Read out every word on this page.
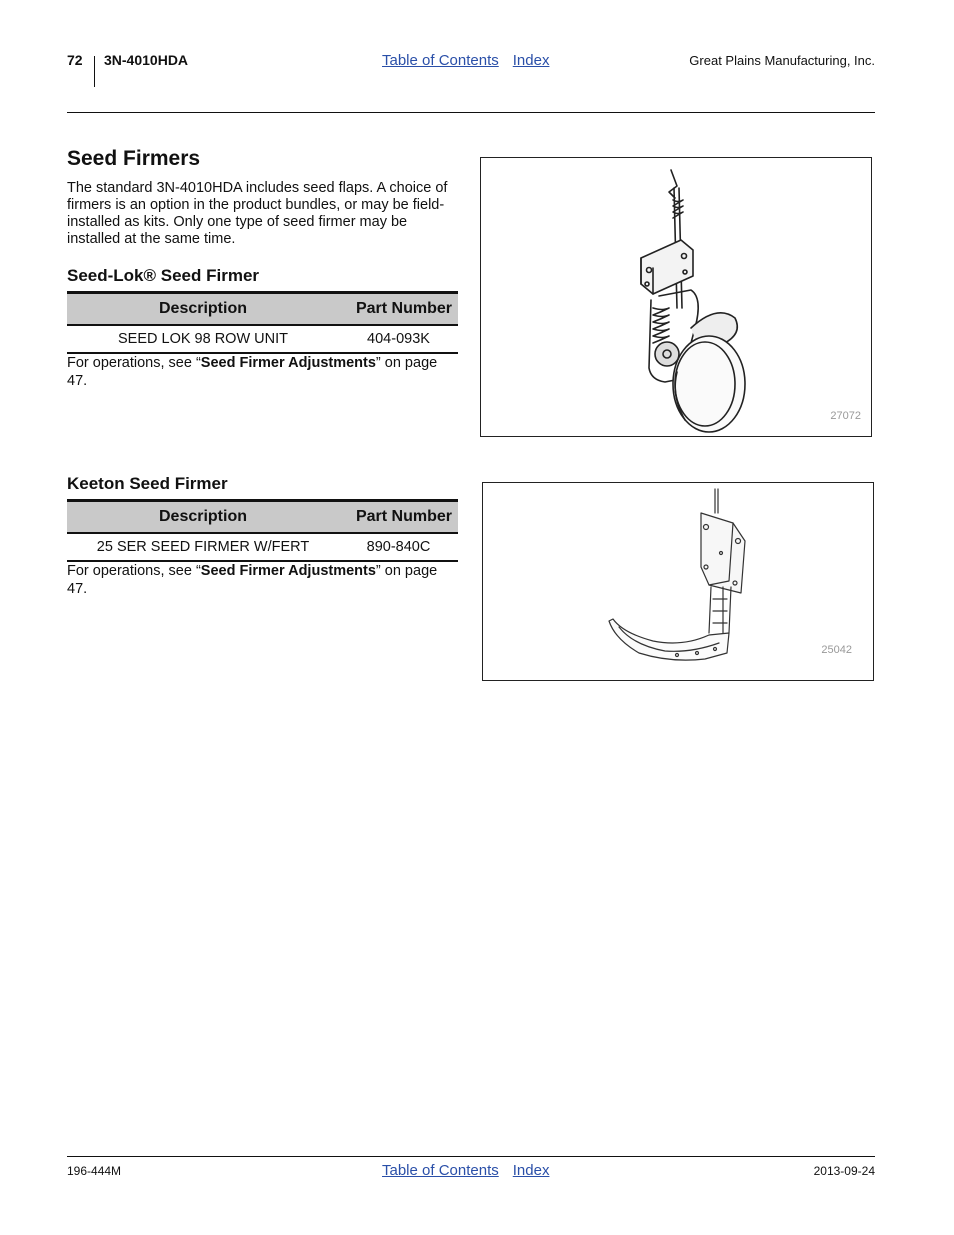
72 3N-4010HDA	Table of Contents Index	Great Plains Manufacturing, Inc.
Seed Firmers

The standard 3N-4010HDA includes seed flaps. A choice of firmers is an option in the product bundles, or may be field-installed as kits. Only one type of seed firmer may be installed at the same time.

Seed-Lok® Seed Firmer
Description	Part Number
SEED LOK 98 ROW UNIT	404-093K

For operations, see “Seed Firmer Adjustments” on page 47.

27072
Keeton Seed Firmer
Description	Part Number
25 SER SEED FIRMER W/FERT	890-840C

For operations, see “Seed Firmer Adjustments” on page 47.

25042
196-444M	Table of Contents Index	2013-09-24
